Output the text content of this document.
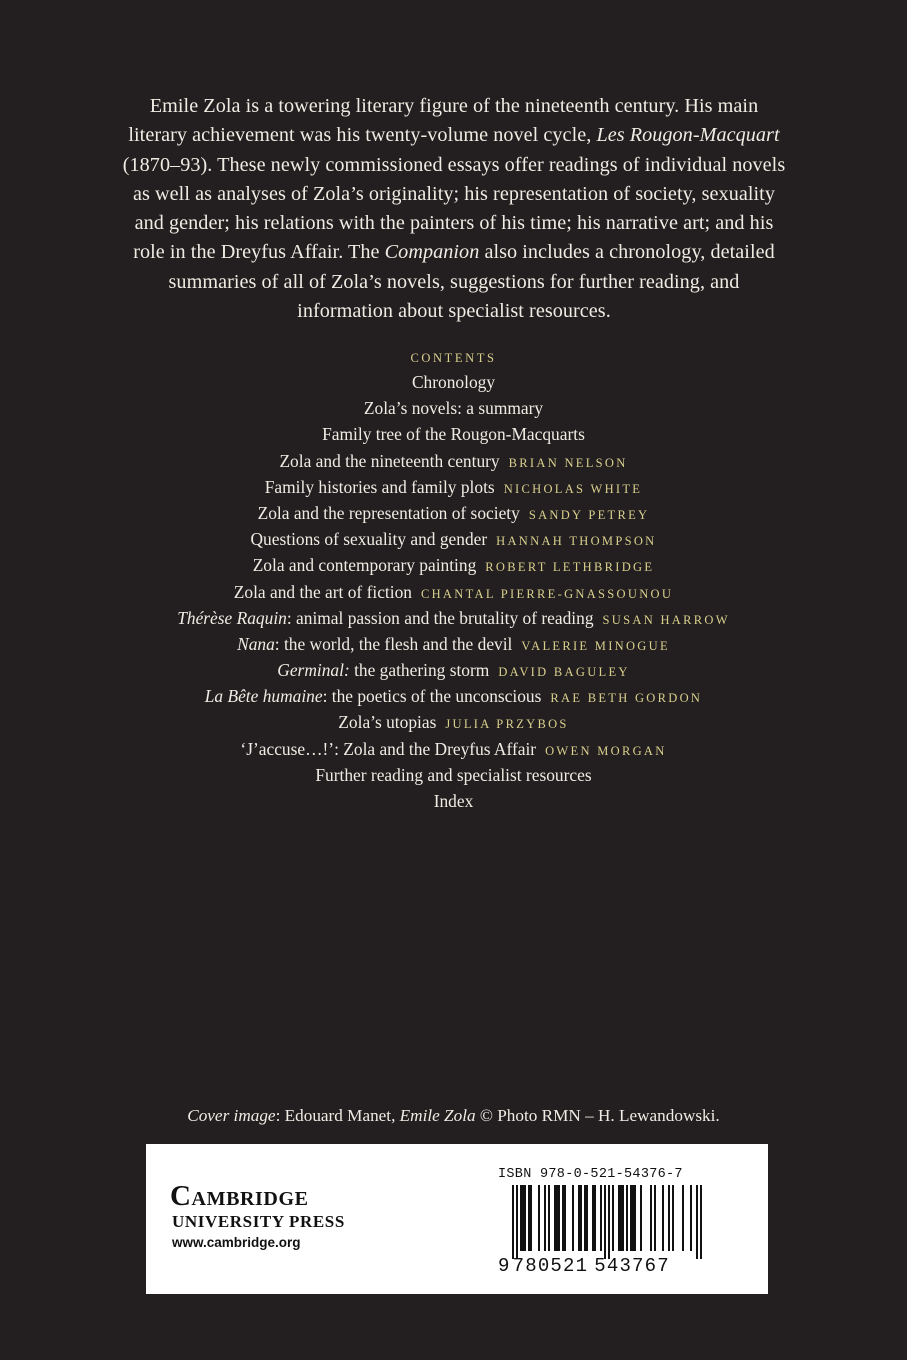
Emile Zola is a towering literary figure of the nineteenth century. His main
literary achievement was his twenty-volume novel cycle, Les Rougon-Macquart
(1870–93). These newly commissioned essays offer readings of individual novels
as well as analyses of Zola’s originality; his representation of society, sexuality
and gender; his relations with the painters of his time; his narrative art; and his
role in the Dreyfus Affair. The Companion also includes a chronology, detailed
summaries of all of Zola’s novels, suggestions for further reading, and
information about specialist resources.
CONTENTS
Chronology
Zola’s novels: a summary
Family tree of the Rougon-Macquarts
Zola and the nineteenth century BRIAN NELSON
Family histories and family plots NICHOLAS WHITE
Zola and the representation of society SANDY PETREY
Questions of sexuality and gender HANNAH THOMPSON
Zola and contemporary painting ROBERT LETHBRIDGE
Zola and the art of fiction CHANTAL PIERRE-GNASSOUNOU
Thérèse Raquin: animal passion and the brutality of reading SUSAN HARROW
Nana: the world, the flesh and the devil VALERIE MINOGUE
Germinal: the gathering storm DAVID BAGULEY
La Bête humaine: the poetics of the unconscious RAE BETH GORDON
Zola’s utopias JULIA PRZYBOS
‘J’accuse…!’: Zola and the Dreyfus Affair OWEN MORGAN
Further reading and specialist resources
Index
Cover image: Edouard Manet, Emile Zola © Photo RMN – H. Lewandowski.
Cambridge
UNIVERSITY PRESS
www.cambridge.org
ISBN 978-0-521-54376-7
9 780521 543767
